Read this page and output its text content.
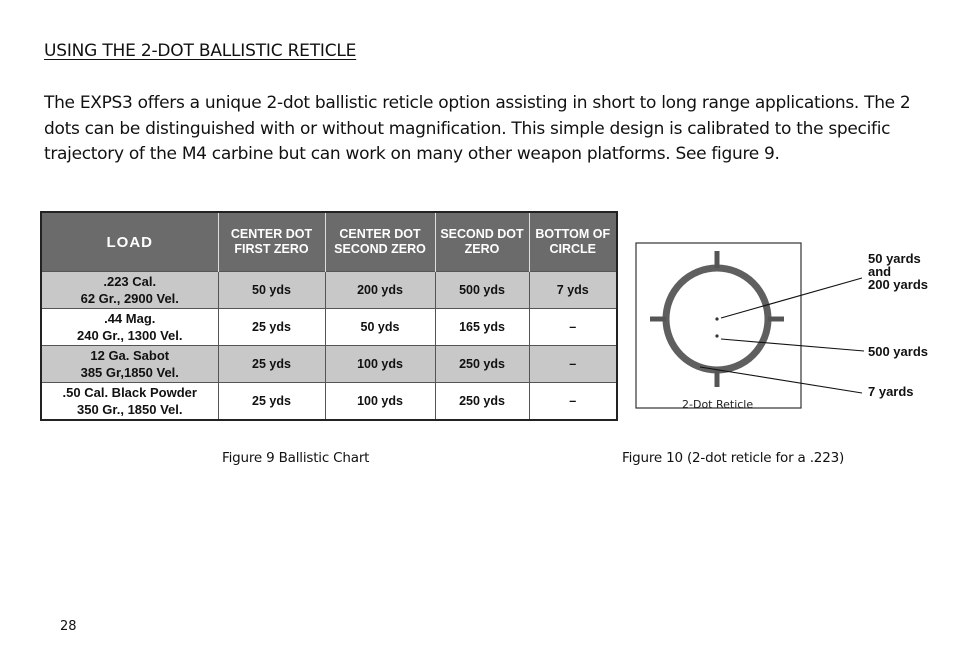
USING THE 2-DOT BALLISTIC RETICLE

The EXPS3 offers a unique 2-dot ballistic reticle option assisting in short to long range applications. The 2 dots can be distinguished with or without magnification. This simple design is calibrated to the specific trajectory of the M4 carbine but can work on many other weapon platforms. See figure 9.

LOAD	CENTER DOT FIRST ZERO	CENTER DOT SECOND ZERO	SECOND DOT ZERO	BOTTOM OF CIRCLE
.223 Cal.
62 Gr., 2900 Vel.	50 yds	200 yds	500 yds	7 yds
.44 Mag.
240 Gr., 1300 Vel.	25 yds	50 yds	165 yds	–
12 Ga. Sabot
385 Gr,1850 Vel.	25 yds	100 yds	250 yds	–
.50 Cal. Black Powder
350 Gr., 1850 Vel.	25 yds	100 yds	250 yds	–
50 yards
and
200 yards
500 yards
7 yards
2-Dot Reticle
Figure 9 Ballistic Chart	Figure 10 (2-dot reticle for a .223)
28
